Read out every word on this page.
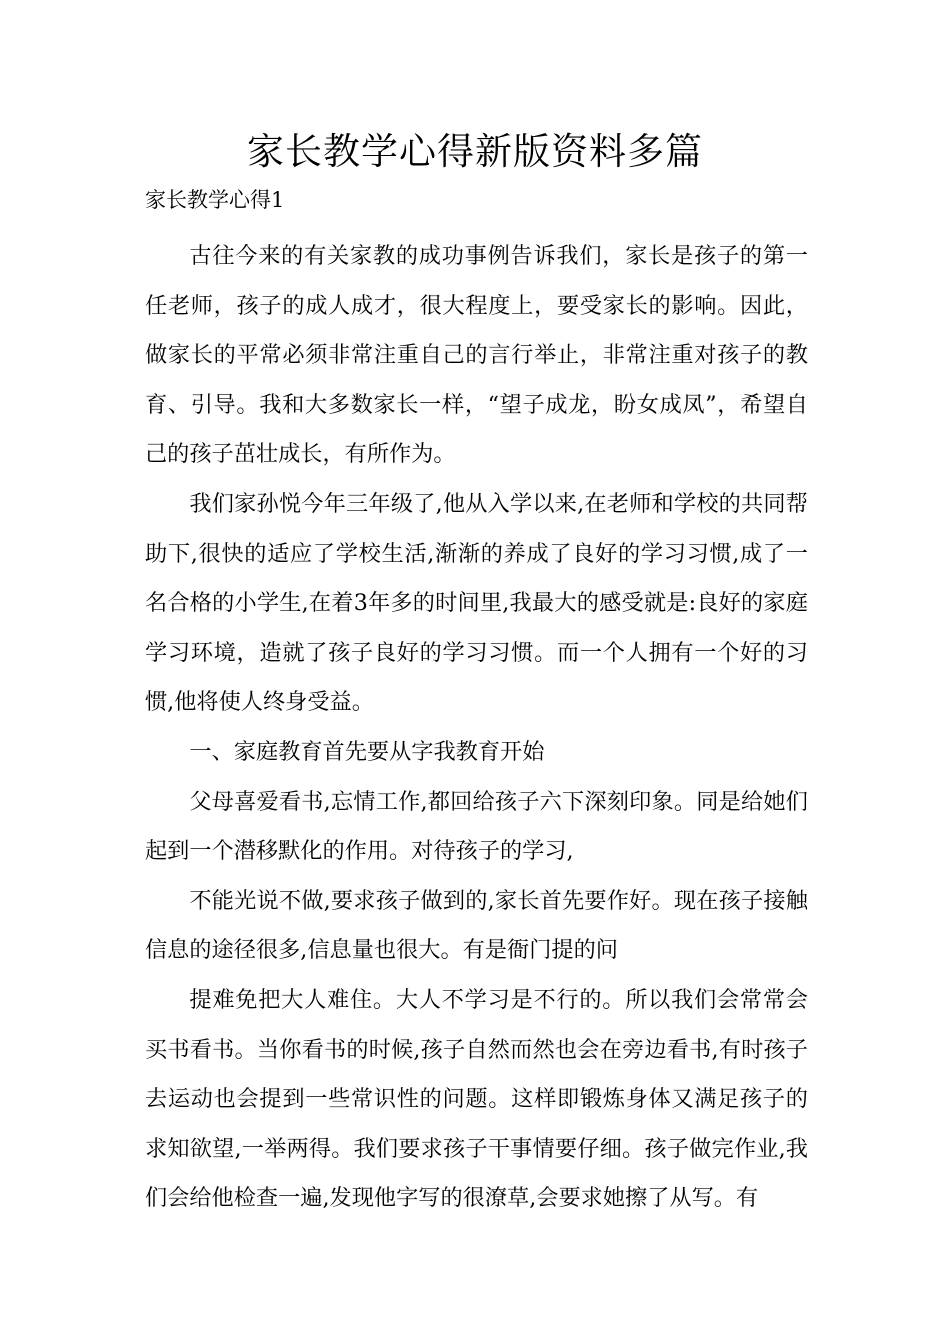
家长教学心得新版资料多篇
家长教学心得1

古往今来的有关家教的成功事例告诉我们，家长是孩子的第一任老师，孩子的成人成才，很大程度上，要受家长的影响。因此，做家长的平常必须非常注重自己的言行举止，非常注重对孩子的教育、引导。我和大多数家长一样，“望子成龙，盼女成凤”，希望自己的孩子茁壮成长，有所作为。

我们家孙悦今年三年级了,他从入学以来,在老师和学校的共同帮助下,很快的适应了学校生活,渐渐的养成了良好的学习习惯,成了一名合格的小学生,在着3年多的时间里,我最大的感受就是:良好的家庭学习环境，造就了孩子良好的学习习惯。而一个人拥有一个好的习惯,他将使人终身受益。

一、家庭教育首先要从字我教育开始

父母喜爱看书,忘情工作,都回给孩子六下深刻印象。同是给她们起到一个潜移默化的作用。对待孩子的学习,

不能光说不做,要求孩子做到的,家长首先要作好。现在孩子接触信息的途径很多,信息量也很大。有是衙门提的问

提难免把大人难住。大人不学习是不行的。所以我们会常常会买书看书。当你看书的时候,孩子自然而然也会在旁边看书,有时孩子去运动也会提到一些常识性的问题。这样即锻炼身体又满足孩子的求知欲望,一举两得。我们要求孩子干事情要仔细。孩子做完作业,我们会给他检查一遍,发现他字写的很潦草,会要求她擦了从写。有
